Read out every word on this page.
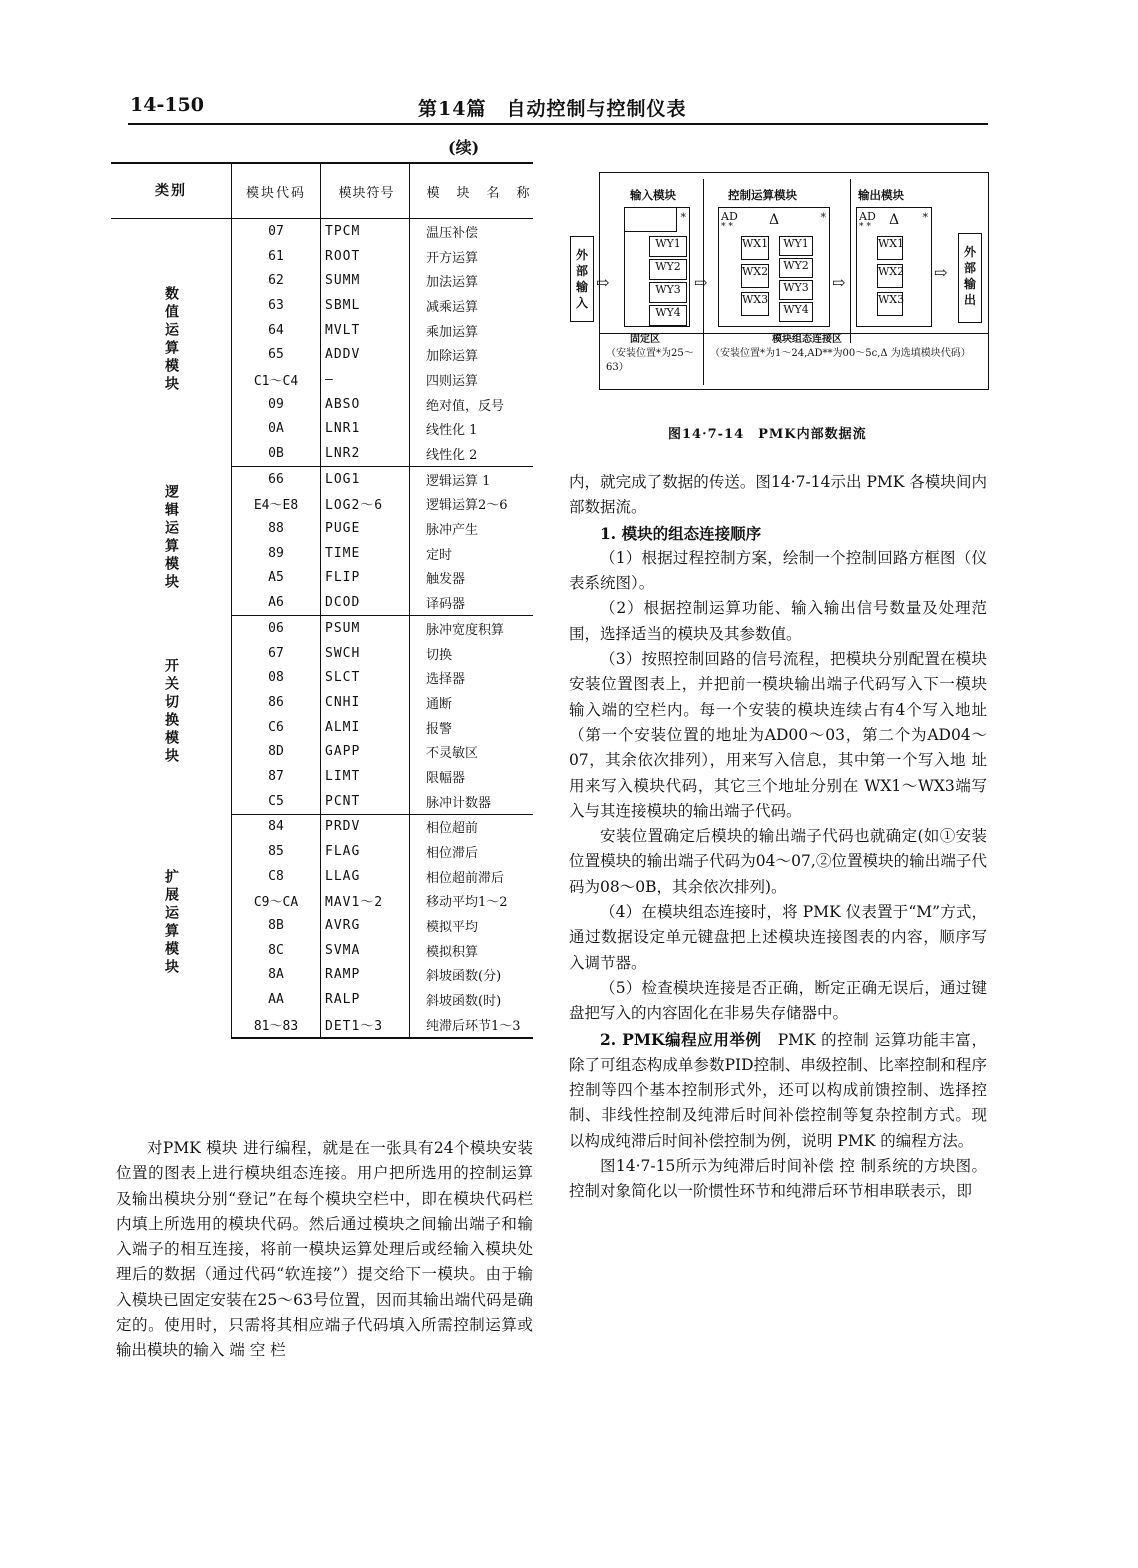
14-150	第14篇　自动控制与控制仪表
(续)
类别	模块代码	模块符号	模　块　名　称
数值运算模块	07	TPCM	温压补偿
	61	ROOT	开方运算
	62	SUMM	加法运算
	63	SBML	减乘运算
	64	MVLT	乘加运算
	65	ADDV	加除运算
	C1～C4	—	四则运算
	09	ABSO	绝对值，反号
	0A	LNR1	线性化 1
	0B	LNR2	线性化 2
逻辑运算模块	66	LOG1	逻辑运算 1
	E4～E8	LOG2～6	逻辑运算2～6
	88	PUGE	脉冲产生
	89	TIME	定时
	A5	FLIP	触发器
	A6	DCOD	译码器
开关切换模块	06	PSUM	脉冲宽度积算
	67	SWCH	切换
	08	SLCT	选择器
	86	CNHI	通断
	C6	ALMI	报警
	8D	GAPP	不灵敏区
	87	LIMT	限幅器
	C5	PCNT	脉冲计数器
扩展运算模块	84	PRDV	相位超前
	85	FLAG	相位滞后
	C8	LLAG	相位超前滞后
	C9～CA	MAV1～2	移动平均1～2
	8B	AVRG	模拟平均
	8C	SVMA	模拟积算
	8A	RAMP	斜坡函数(分)
	AA	RALP	斜坡函数(时)
	81～83	DET1～3	纯滞后环节1～3

对PMK 模块 进行编程，就是在一张具有24个模块安装位置的图表上进行模块组态连接。用户把所选用的控制运算及输出模块分别“登记”在每个模块空栏中，即在模块代码栏内填上所选用的模块代码。然后通过模块之间输出端子和输入端子的相互连接，将前一模块运算处理后或经输入模块处理后的数据（通过代码“软连接”）提交给下一模块。由于输入模块已固定安装在25～63号位置，因而其输出端代码是确定的。使用时，只需将其相应端子代码填入所需控制运算或输出模块的输入 端 空 栏

输入模块	控制运算模块	输出模块
*
WY1
WY2
WY3
WY4
外部输入
⇨
AD
* *	Δ	*
WX1
WX2
WX3
WY1
WY2
WY3
WY4
⇨	⇨
AD
* * Δ *
WX1
WX2
WX3
⇨
外部输出
固定区
（安装位置*为25～63）
模块组态连接区
（安装位置*为1～24,AD**为00～5c,Δ 为选填模块代码）
图14·7-14　PMK内部数据流

内，就完成了数据的传送。图14·7-14示出 PMK 各模块间内部数据流。

1. 模块的组态连接顺序

（1）根据过程控制方案，绘制一个控制回路方框图（仪表系统图）。

（2）根据控制运算功能、输入输出信号数量及处理范围，选择适当的模块及其参数值。

（3）按照控制回路的信号流程，把模块分别配置在模块安装位置图表上，并把前一模块输出端子代码写入下一模块输入端的空栏内。每一个安装的模块连续占有4个写入地址（第一个安装位置的地址为AD00～03，第二个为AD04～07，其余依次排列），用来写入信息，其中第一个写入地 址 用来写入模块代码，其它三个地址分别在 WX1～WX3端写入与其连接模块的输出端子代码。

安装位置确定后模块的输出端子代码也就确定(如①安装位置模块的输出端子代码为04～07,②位置模块的输出端子代码为08～0B，其余依次排列)。

（4）在模块组态连接时，将 PMK 仪表置于“M”方式，通过数据设定单元键盘把上述模块连接图表的内容，顺序写入调节器。

（5）检查模块连接是否正确，断定正确无误后，通过键盘把写入的内容固化在非易失存储器中。

2. PMK编程应用举例　 PMK 的控制 运算功能丰富，除了可组态构成单参数PID控制、串级控制、比率控制和程序控制等四个基本控制形式外，还可以构成前馈控制、选择控制、非线性控制及纯滞后时间补偿控制等复杂控制方式。现以构成纯滞后时间补偿控制为例，说明 PMK 的编程方法。

图14·7-15所示为纯滞后时间补偿 控 制系统的方块图。控制对象简化以一阶惯性环节和纯滞后环节相串联表示，即
